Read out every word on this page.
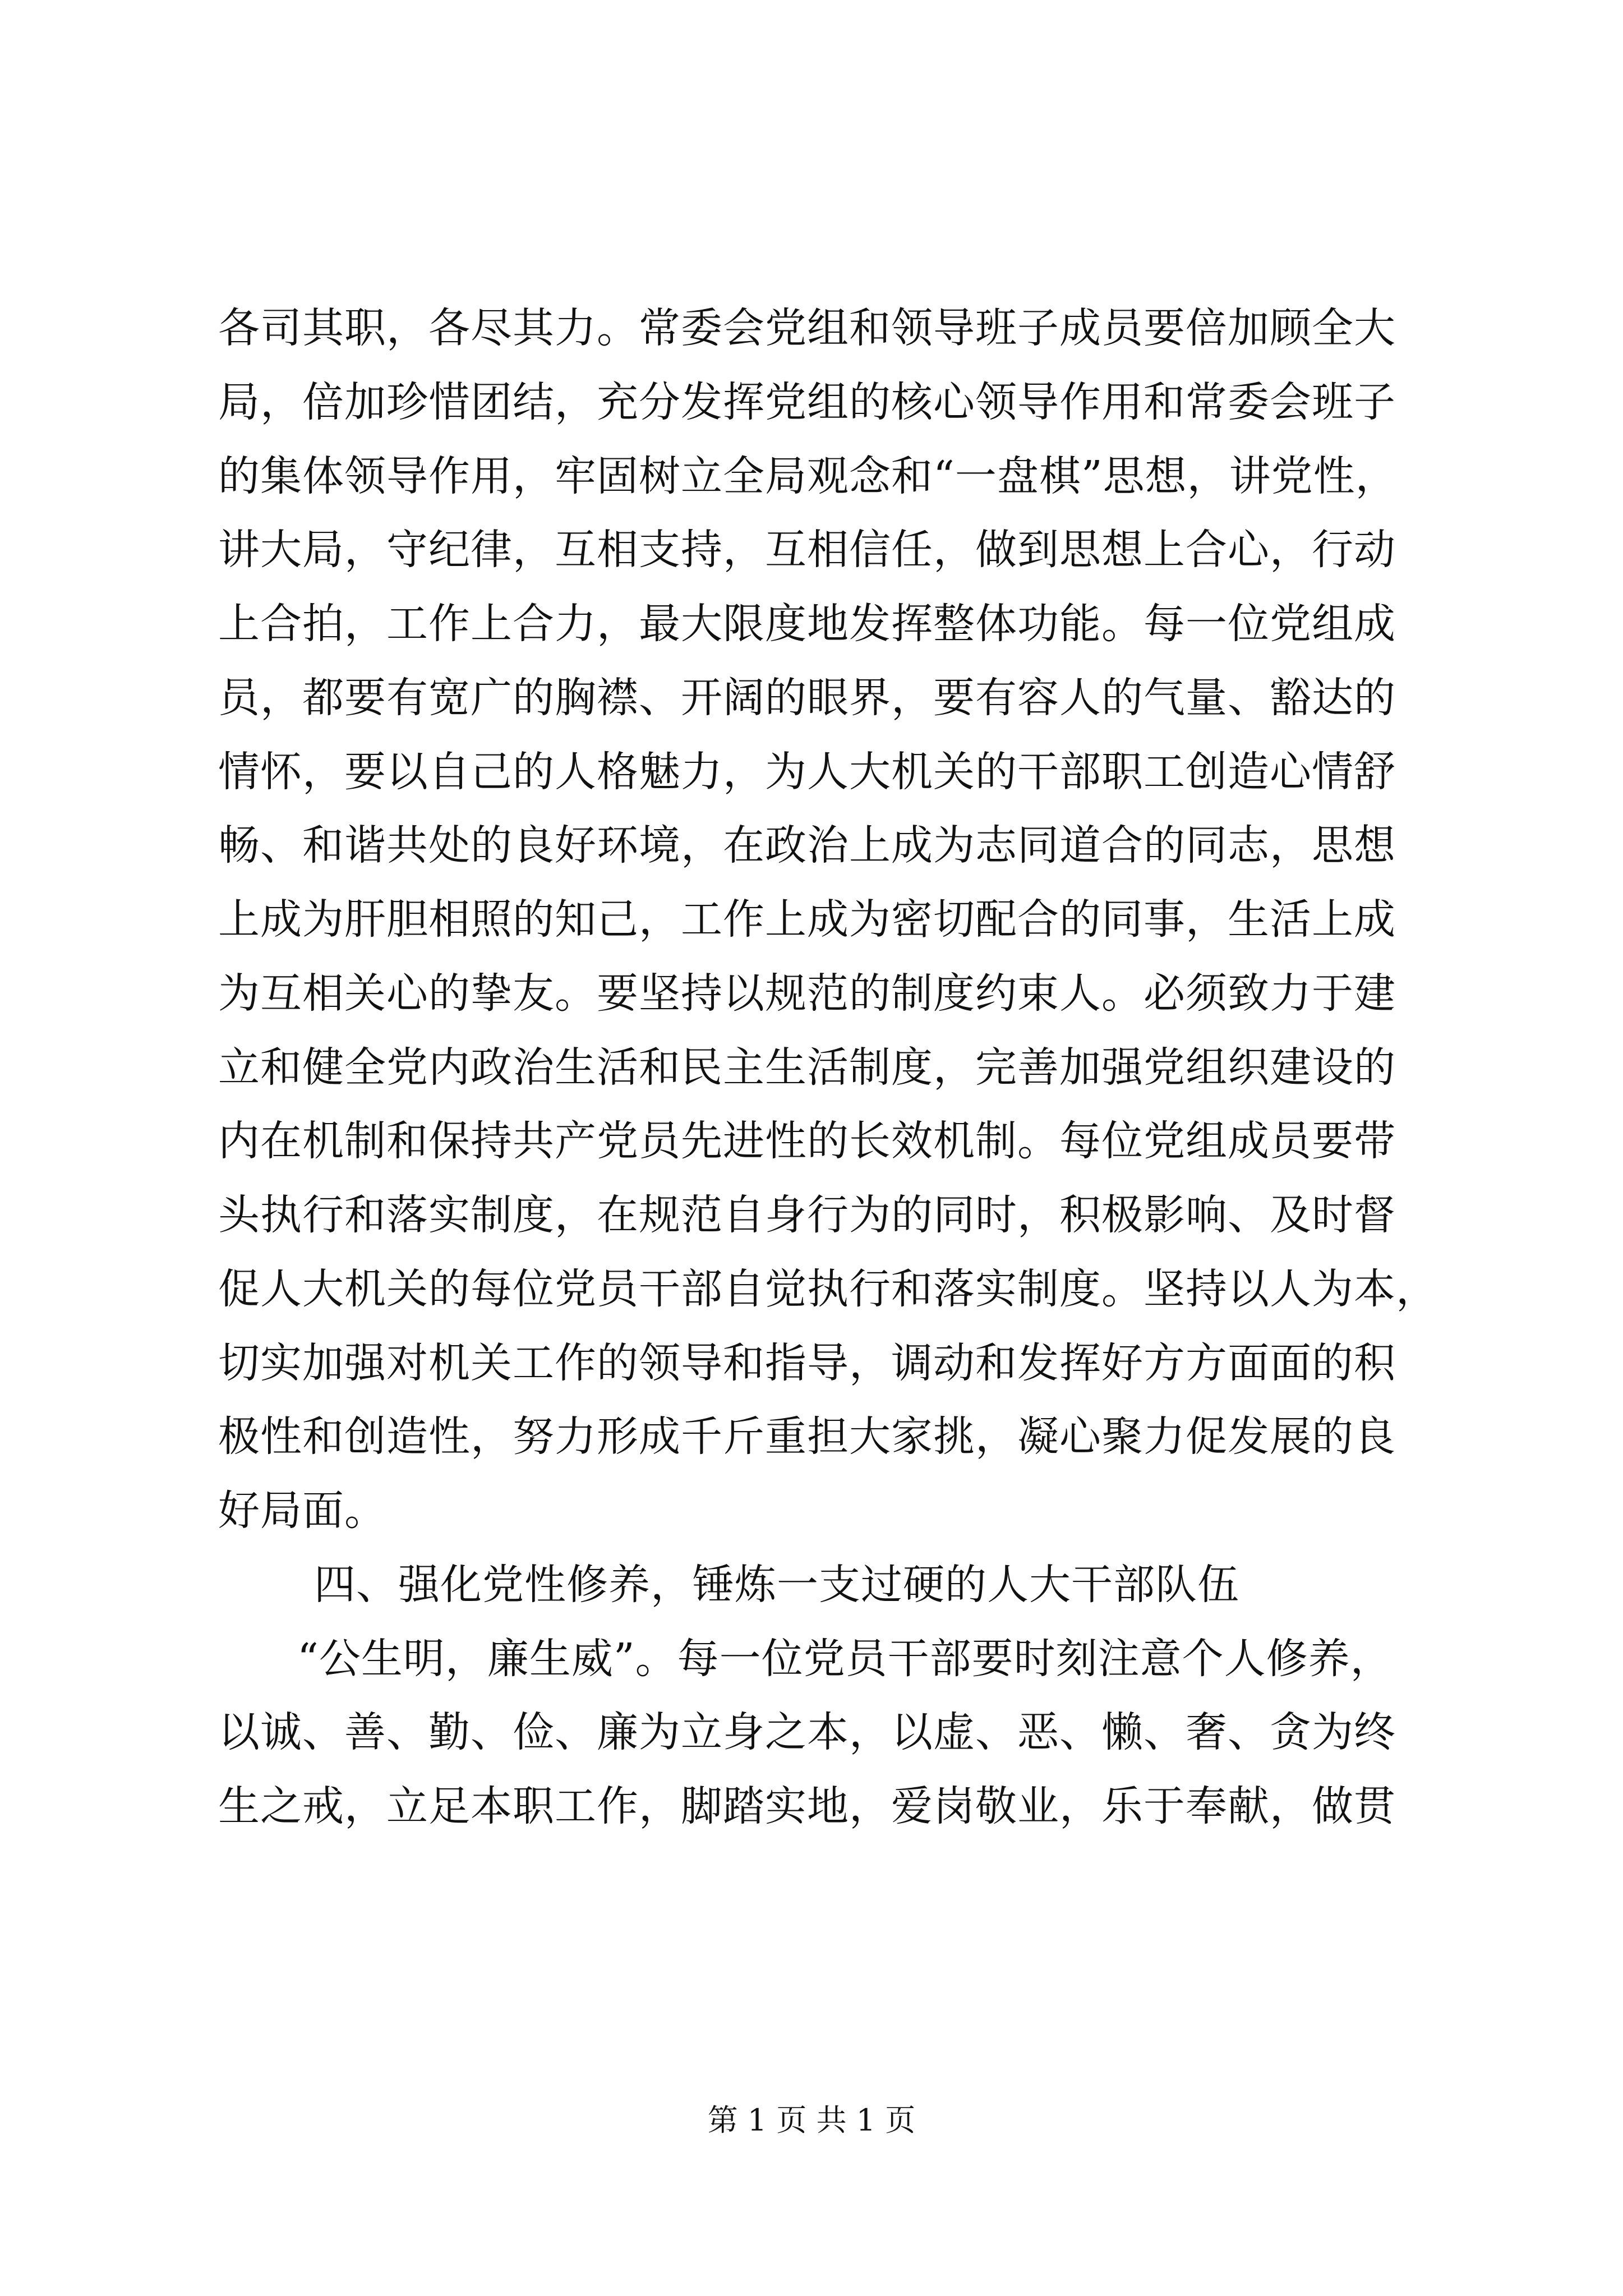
各司其职，各尽其力。常委会党组和领导班子成员要倍加顾全大
局，倍加珍惜团结，充分发挥党组的核心领导作用和常委会班子
的集体领导作用，牢固树立全局观念和“一盘棋”思想，讲党性，
讲大局，守纪律，互相支持，互相信任，做到思想上合心，行动
上合拍，工作上合力，最大限度地发挥整体功能。每一位党组成
员，都要有宽广的胸襟、开阔的眼界，要有容人的气量、豁达的
情怀，要以自己的人格魅力，为人大机关的干部职工创造心情舒
畅、和谐共处的良好环境，在政治上成为志同道合的同志，思想
上成为肝胆相照的知己，工作上成为密切配合的同事，生活上成
为互相关心的挚友。要坚持以规范的制度约束人。必须致力于建
立和健全党内政治生活和民主生活制度，完善加强党组织建设的
内在机制和保持共产党员先进性的长效机制。每位党组成员要带
头执行和落实制度，在规范自身行为的同时，积极影响、及时督
促人大机关的每位党员干部自觉执行和落实制度。坚持以人为本，
切实加强对机关工作的领导和指导，调动和发挥好方方面面的积
极性和创造性，努力形成千斤重担大家挑，凝心聚力促发展的良
好局面。
四、强化党性修养，锤炼一支过硬的人大干部队伍
“公生明，廉生威”。每一位党员干部要时刻注意个人修养，
以诚、善、勤、俭、廉为立身之本，以虚、恶、懒、奢、贪为终
生之戒，立足本职工作，脚踏实地，爱岗敬业，乐于奉献，做贯
第 1 页 共 1 页
